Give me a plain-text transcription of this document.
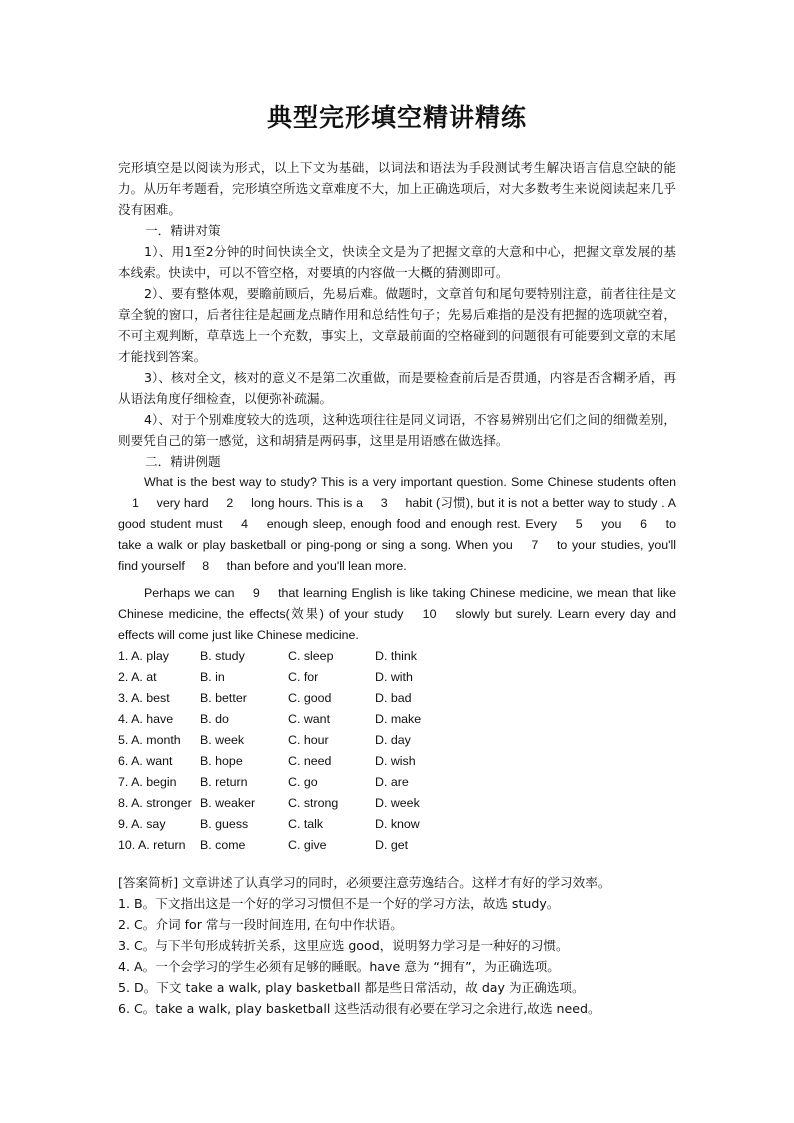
典型完形填空精讲精练

完形填空是以阅读为形式，以上下文为基础，以词法和语法为手段测试考生解决语言信息空缺的能力。从历年考题看，完形填空所选文章难度不大，加上正确选项后，对大多数考生来说阅读起来几乎没有困难。

一．精讲对策

1）、用1至2分钟的时间快读全文，快读全文是为了把握文章的大意和中心，把握文章发展的基本线索。快读中，可以不管空格，对要填的内容做一大概的猜测即可。

2）、要有整体观，要瞻前顾后，先易后难。做题时，文章首句和尾句要特别注意，前者往往是文章全貌的窗口，后者往往是起画龙点睛作用和总结性句子；先易后难指的是没有把握的选项就空着，不可主观判断，草草选上一个充数，事实上，文章最前面的空格碰到的问题很有可能要到文章的末尾才能找到答案。

3）、核对全文，核对的意义不是第二次重做，而是要检查前后是否贯通，内容是否含糊矛盾，再从语法角度仔细检查，以便弥补疏漏。

4）、对于个别难度较大的选项，这种选项往往是同义词语，不容易辨别出它们之间的细微差别，则要凭自己的第一感觉，这和胡猜是两码事，这里是用语感在做选择。

二．精讲例题

What is the best way to study? This is a very important question. Some Chinese students often 1 very hard 2 long hours. This is a 3 habit (习惯), but it is not a better way to study . A good student must 4 enough sleep, enough food and enough rest. Every 5 you 6 to take a walk or play basketball or ping-pong or sing a song. When you 7 to your studies, you'll find yourself 8 than before and you'll lean more.

Perhaps we can 9 that learning English is like taking Chinese medicine, we mean that like Chinese medicine, the effects(效果) of your study 10 slowly but surely. Learn every day and effects will come just like Chinese medicine.

1. A. play	B. study	C. sleep	D. think
2. A. at	B. in	C. for	D. with
3. A. best	B. better	C. good	D. bad
4. A. have	B. do	C. want	D. make
5. A. month	B. week	C. hour	D. day
6. A. want	B. hope	C. need	D. wish
7. A. begin	B. return	C. go	D. are
8. A. stronger	B. weaker	C. strong	D. week
9. A. say	B. guess	C. talk	D. know
10. A. return	B. come	C. give	D. get

[答案简析] 文章讲述了认真学习的同时，必须要注意劳逸结合。这样才有好的学习效率。

1. B。下文指出这是一个好的学习习惯但不是一个好的学习方法，故选 study。

2. C。介词 for 常与一段时间连用, 在句中作状语。

3. C。与下半句形成转折关系，这里应选 good，说明努力学习是一种好的习惯。

4. A。一个会学习的学生必须有足够的睡眠。have 意为 “拥有”，为正确选项。

5. D。下文 take a walk, play basketball 都是些日常活动，故 day 为正确选项。

6. C。take a walk, play basketball 这些活动很有必要在学习之余进行,故选 need。
